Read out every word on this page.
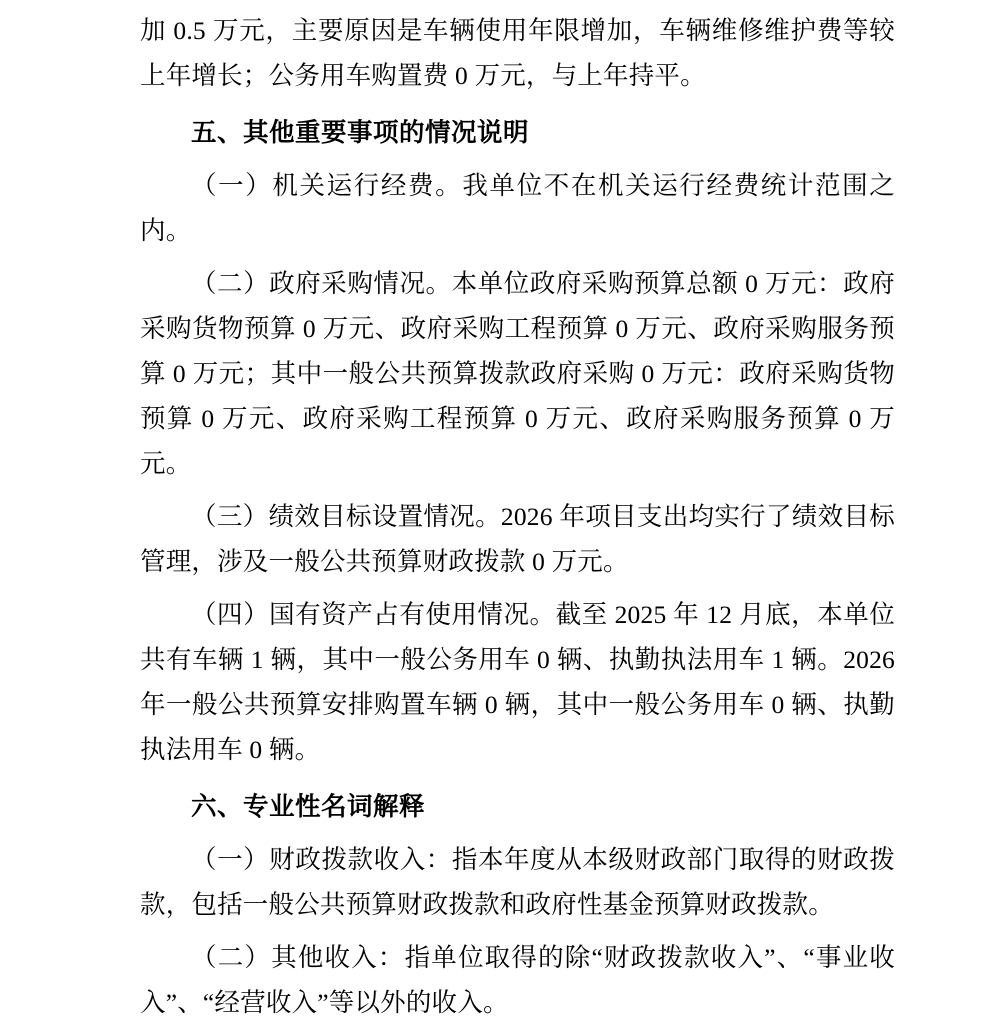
加 0.5 万元，主要原因是车辆使用年限增加，车辆维修维护费等较上年增长；公务用车购置费 0 万元，与上年持平。

五、其他重要事项的情况说明

（一）机关运行经费。我单位不在机关运行经费统计范围之内。

（二）政府采购情况。本单位政府采购预算总额 0 万元：政府采购货物预算 0 万元、政府采购工程预算 0 万元、政府采购服务预算 0 万元；其中一般公共预算拨款政府采购 0 万元：政府采购货物预算 0 万元、政府采购工程预算 0 万元、政府采购服务预算 0 万元。

（三）绩效目标设置情况。2026 年项目支出均实行了绩效目标管理，涉及一般公共预算财政拨款 0 万元。

（四）国有资产占有使用情况。截至 2025 年 12 月底，本单位共有车辆 1 辆，其中一般公务用车 0 辆、执勤执法用车 1 辆。2026 年一般公共预算安排购置车辆 0 辆，其中一般公务用车 0 辆、执勤执法用车 0 辆。

六、专业性名词解释

（一）财政拨款收入：指本年度从本级财政部门取得的财政拨款，包括一般公共预算财政拨款和政府性基金预算财政拨款。

（二）其他收入：指单位取得的除“财政拨款收入”、“事业收入”、“经营收入”等以外的收入。
